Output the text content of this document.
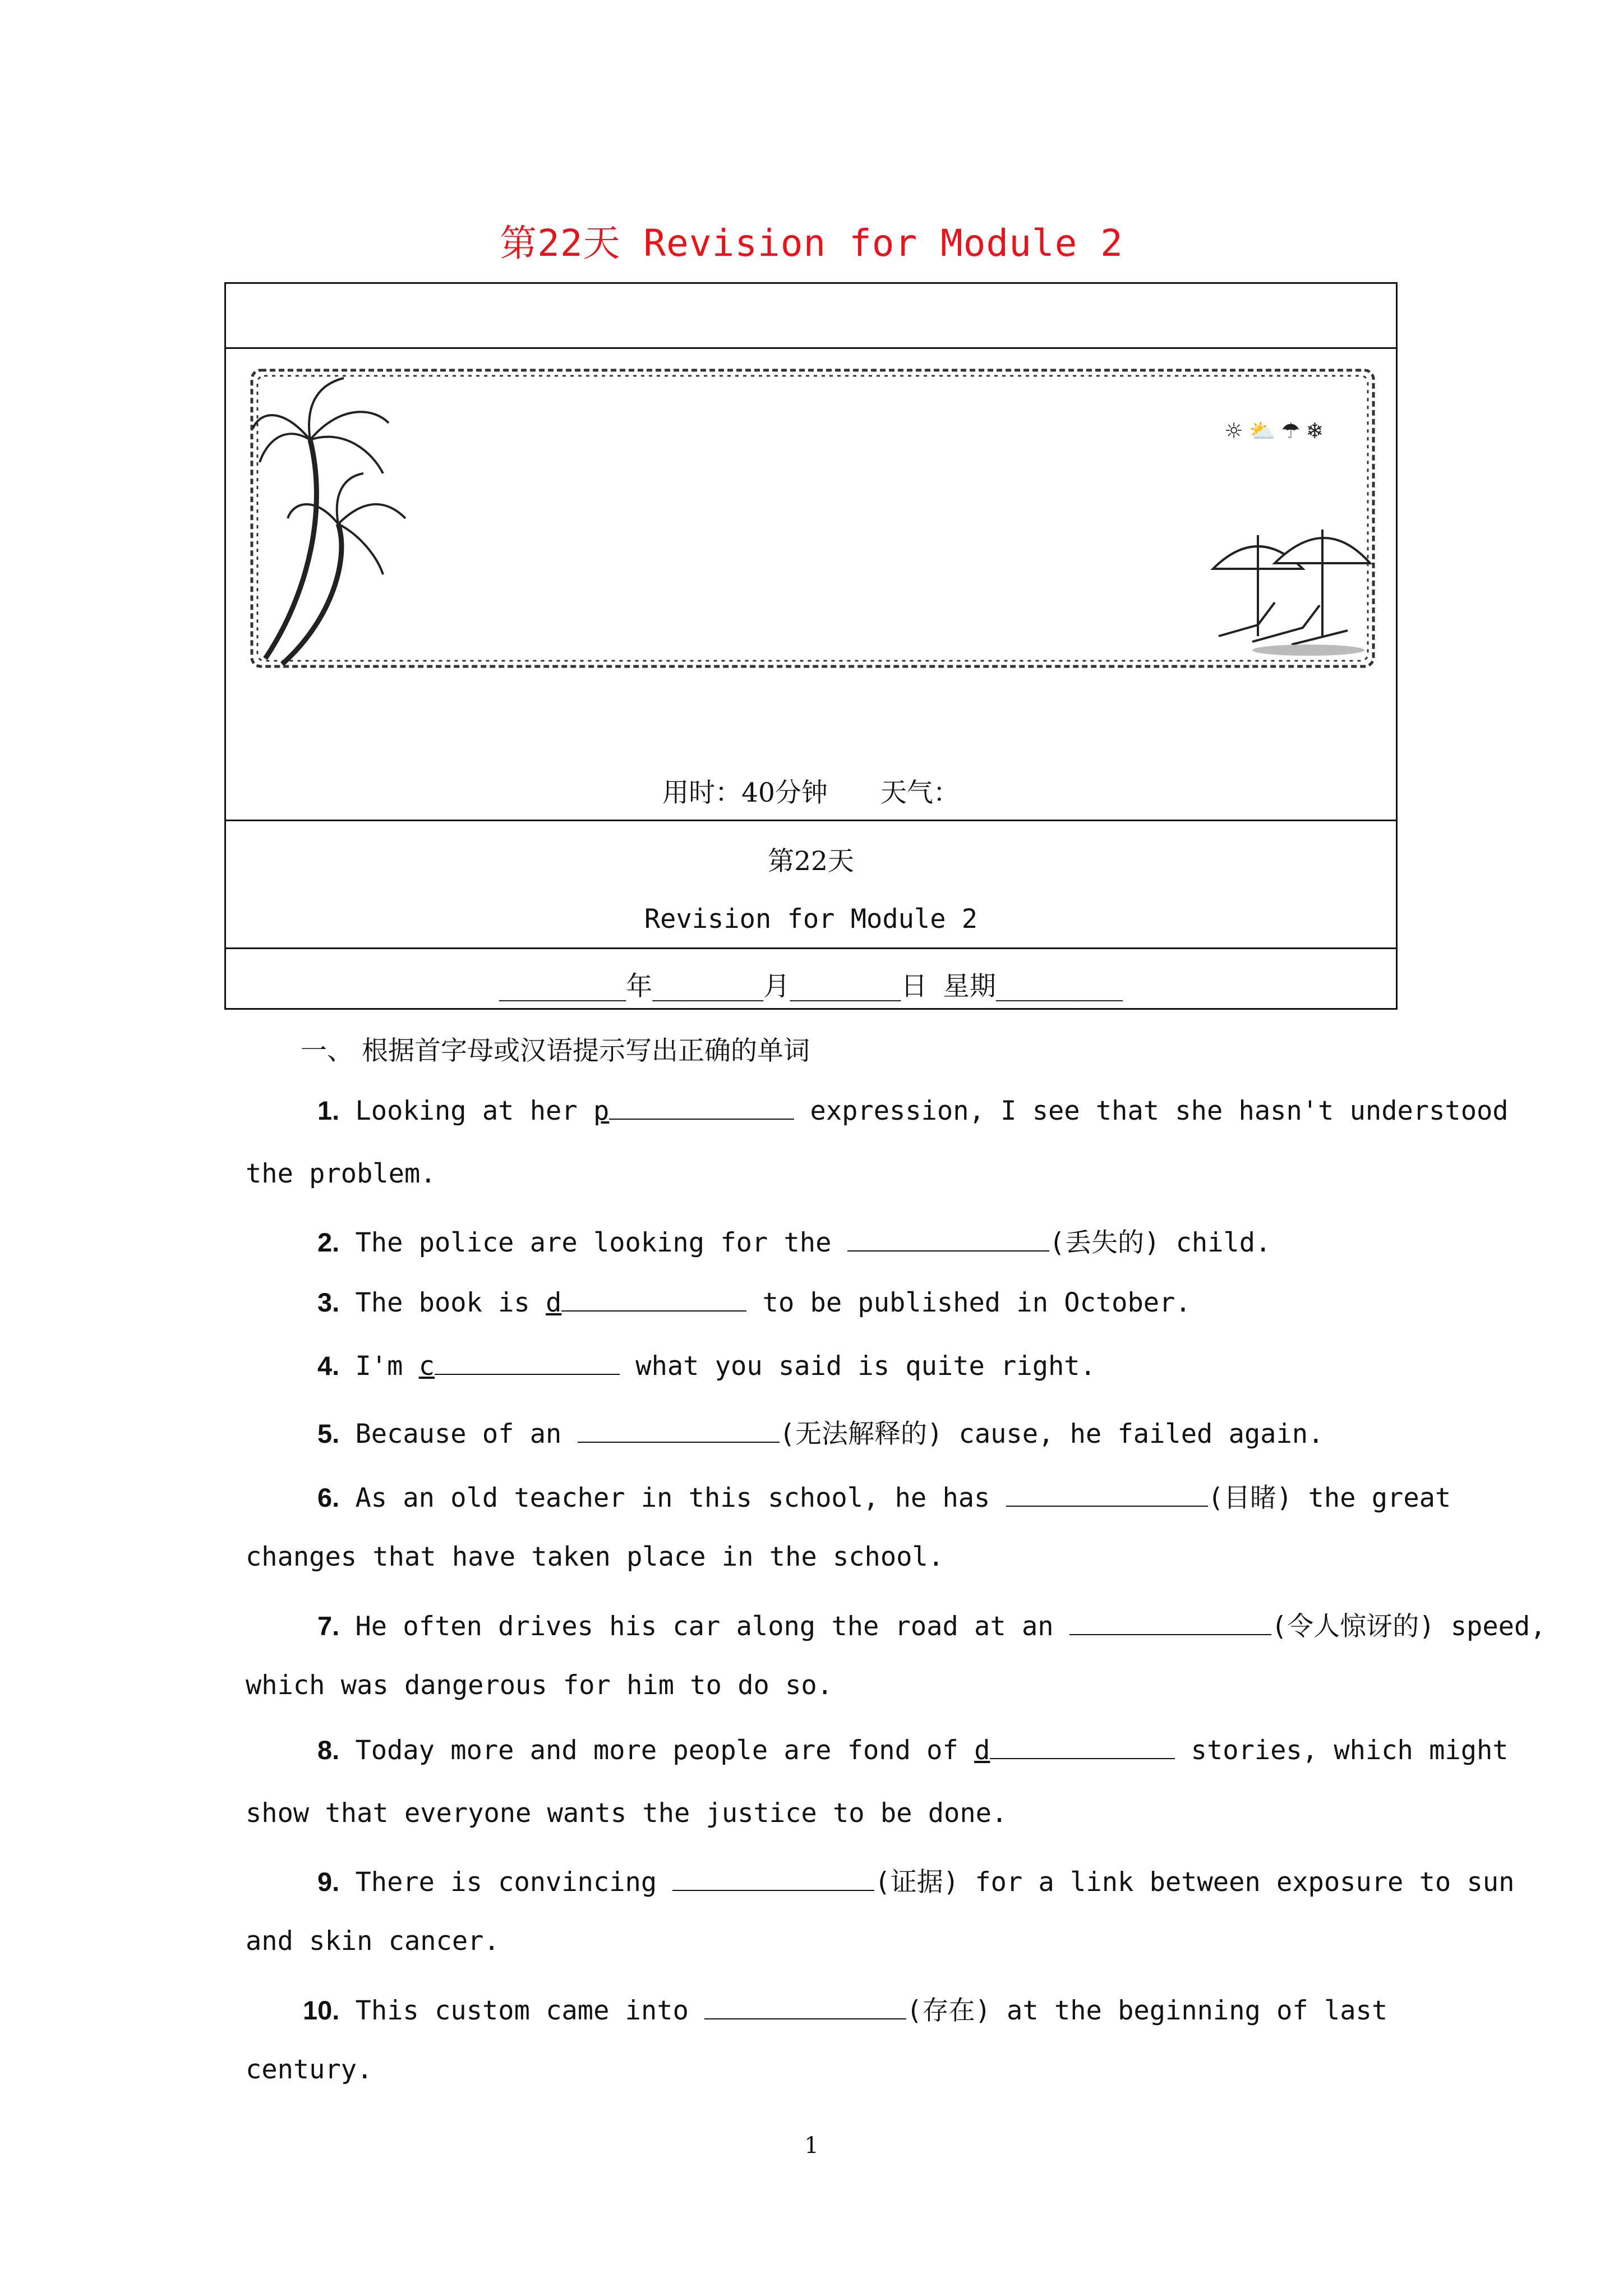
第22天 Revision for Module 2
☼⛅☂❄
用时：40分钟　　天气：
第22天
Revision for Module 2
________年_______月_______日 星期________
一、 根据首字母或汉语提示写出正确的单词
1. Looking at her p	expression, I see that she hasn't understood
the problem.
2. The police are looking for the	(丢失的) child.
3. The book is d	to be published in October.
4. I'm c	what you said is quite right.
5. Because of an	(无法解释的) cause, he failed again.
6. As an old teacher in this school, he has	(目睹) the great
changes that have taken place in the school.
7. He often drives his car along the road at an	(令人惊讶的) speed,
which was dangerous for him to do so.
8. Today more and more people are fond of d	stories, which might
show that everyone wants the justice to be done.
9. There is convincing	(证据) for a link between exposure to sun
and skin cancer.
10. This custom came into	(存在) at the beginning of last
century.
1
